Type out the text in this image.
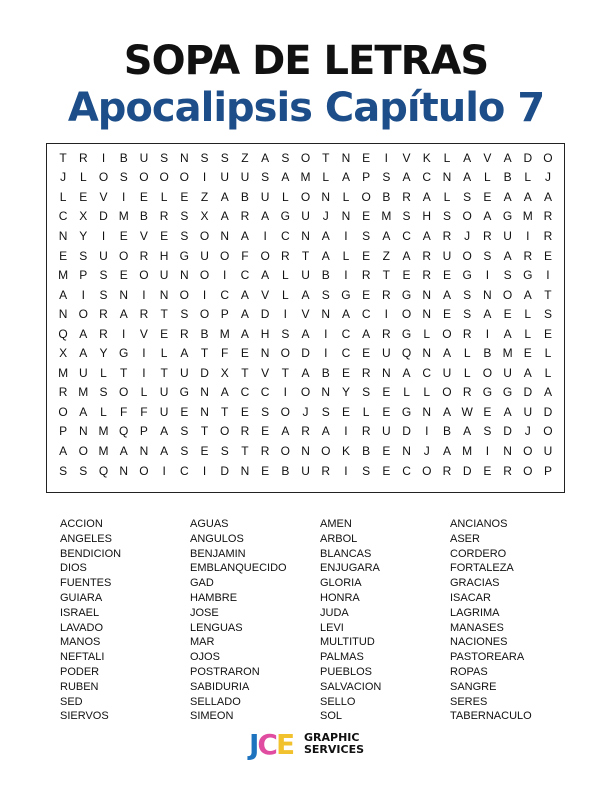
SOPA DE LETRAS
Apocalipsis Capítulo 7
T	R	I	B U S N S	S	Z	A	S O T	N E	I	V	K	L	A	V	A D O
J	L	O S O O O	I	U U S	A M L	A	P	S	A C N A	L	B	L	J
L	E	V	I	E	L	E	Z	A	B U	L	O N	L	O B R A	L	S	E	A	A	A
C X D M B R S	X	A R A G U	J	N E M S H S O A G M R
N Y	I	E	V	E	S O N A	I	C N A	I	S	A C A R	J	R U	I	R
E	S U O R H G U O F O R	T	A	L	E	Z	A R U O S	A R E
M P	S	E O U N O	I	C A	L	U B	I	R	T	E R E G	I	S G	I
A	I	S N	I	N O	I	C A	V	L	A	S G E R G N A	S N O A	T
N O R A R	T	S O P	A D	I	V N A C	I	O N E	S	A	E	L	S
Q A R	I	V	E R B M A H S	A	I	C A R G	L	O R	I	A	L	E
X	A	Y G	I	L	A	T	F	E N O D	I	C E U Q N A	L	B M E	L
M U	L	T	I	T	U D X	T	V	T	A	B	E R N A C U	L	O U A	L
R M S O	L	U G N A C C	I	O N Y	S	E	L	L	O R G G D A
O A	L	F	F	U E N	T	E	S O	J	S	E	L	E G N A W E	A U D
P N M Q P	A	S	T O R E	A R A	I	R U D	I	B	A	S D	J	O
A O M A N A	S	E	S	T	R O N O K	B	E N	J	A M	I	N O U
S	S Q N O	I	C	I	D N E	B U R	I	S	E C O R D E R O P
ACCION
ANGELES
BENDICION
DIOS
FUENTES
GUIARA
ISRAEL
LAVADO
MANOS
NEFTALI
PODER
RUBEN
SED
SIERVOS
AGUAS
ANGULOS
BENJAMIN
EMBLANQUECIDO
GAD
HAMBRE
JOSE
LENGUAS
MAR
OJOS
POSTRARON
SABIDURIA
SELLADO
SIMEON
AMEN
ARBOL
BLANCAS
ENJUGARA
GLORIA
HONRA
JUDA
LEVI
MULTITUD
PALMAS
PUEBLOS
SALVACION
SELLO
SOL
ANCIANOS
ASER
CORDERO
FORTALEZA
GRACIAS
ISACAR
LAGRIMA
MANASES
NACIONES
PASTOREARA
ROPAS
SANGRE
SERES
TABERNACULO
JCE GRAPHIC
SERVICES
